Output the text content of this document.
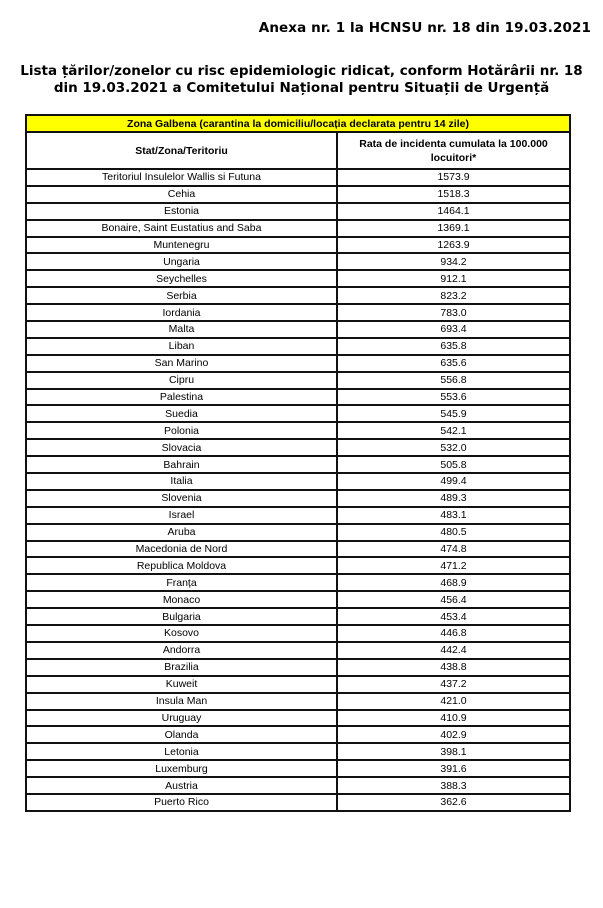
Anexa nr. 1 la HCNSU nr. 18 din 19.03.2021
Lista țărilor/zonelor cu risc epidemiologic ridicat, conform Hotărârii nr. 18
din 19.03.2021 a Comitetului Național pentru Situații de Urgență
Zona Galbena (carantina la domiciliu/locația declarata pentru 14 zile)	
Stat/Zona/Teritoriu	Rata de incidenta cumulata la 100.000 locuitori*
Teritoriul Insulelor Wallis si Futuna	1573.9
Cehia	1518.3
Estonia	1464.1
Bonaire, Saint Eustatius and Saba	1369.1
Muntenegru	1263.9
Ungaria	934.2
Seychelles	912.1
Serbia	823.2
Iordania	783.0
Malta	693.4
Liban	635.8
San Marino	635.6
Cipru	556.8
Palestina	553.6
Suedia	545.9
Polonia	542.1
Slovacia	532.0
Bahrain	505.8
Italia	499.4
Slovenia	489.3
Israel	483.1
Aruba	480.5
Macedonia de Nord	474.8
Republica Moldova	471.2
Franța	468.9
Monaco	456.4
Bulgaria	453.4
Kosovo	446.8
Andorra	442.4
Brazilia	438.8
Kuweit	437.2
Insula Man	421.0
Uruguay	410.9
Olanda	402.9
Letonia	398.1
Luxemburg	391.6
Austria	388.3
Puerto Rico	362.6
